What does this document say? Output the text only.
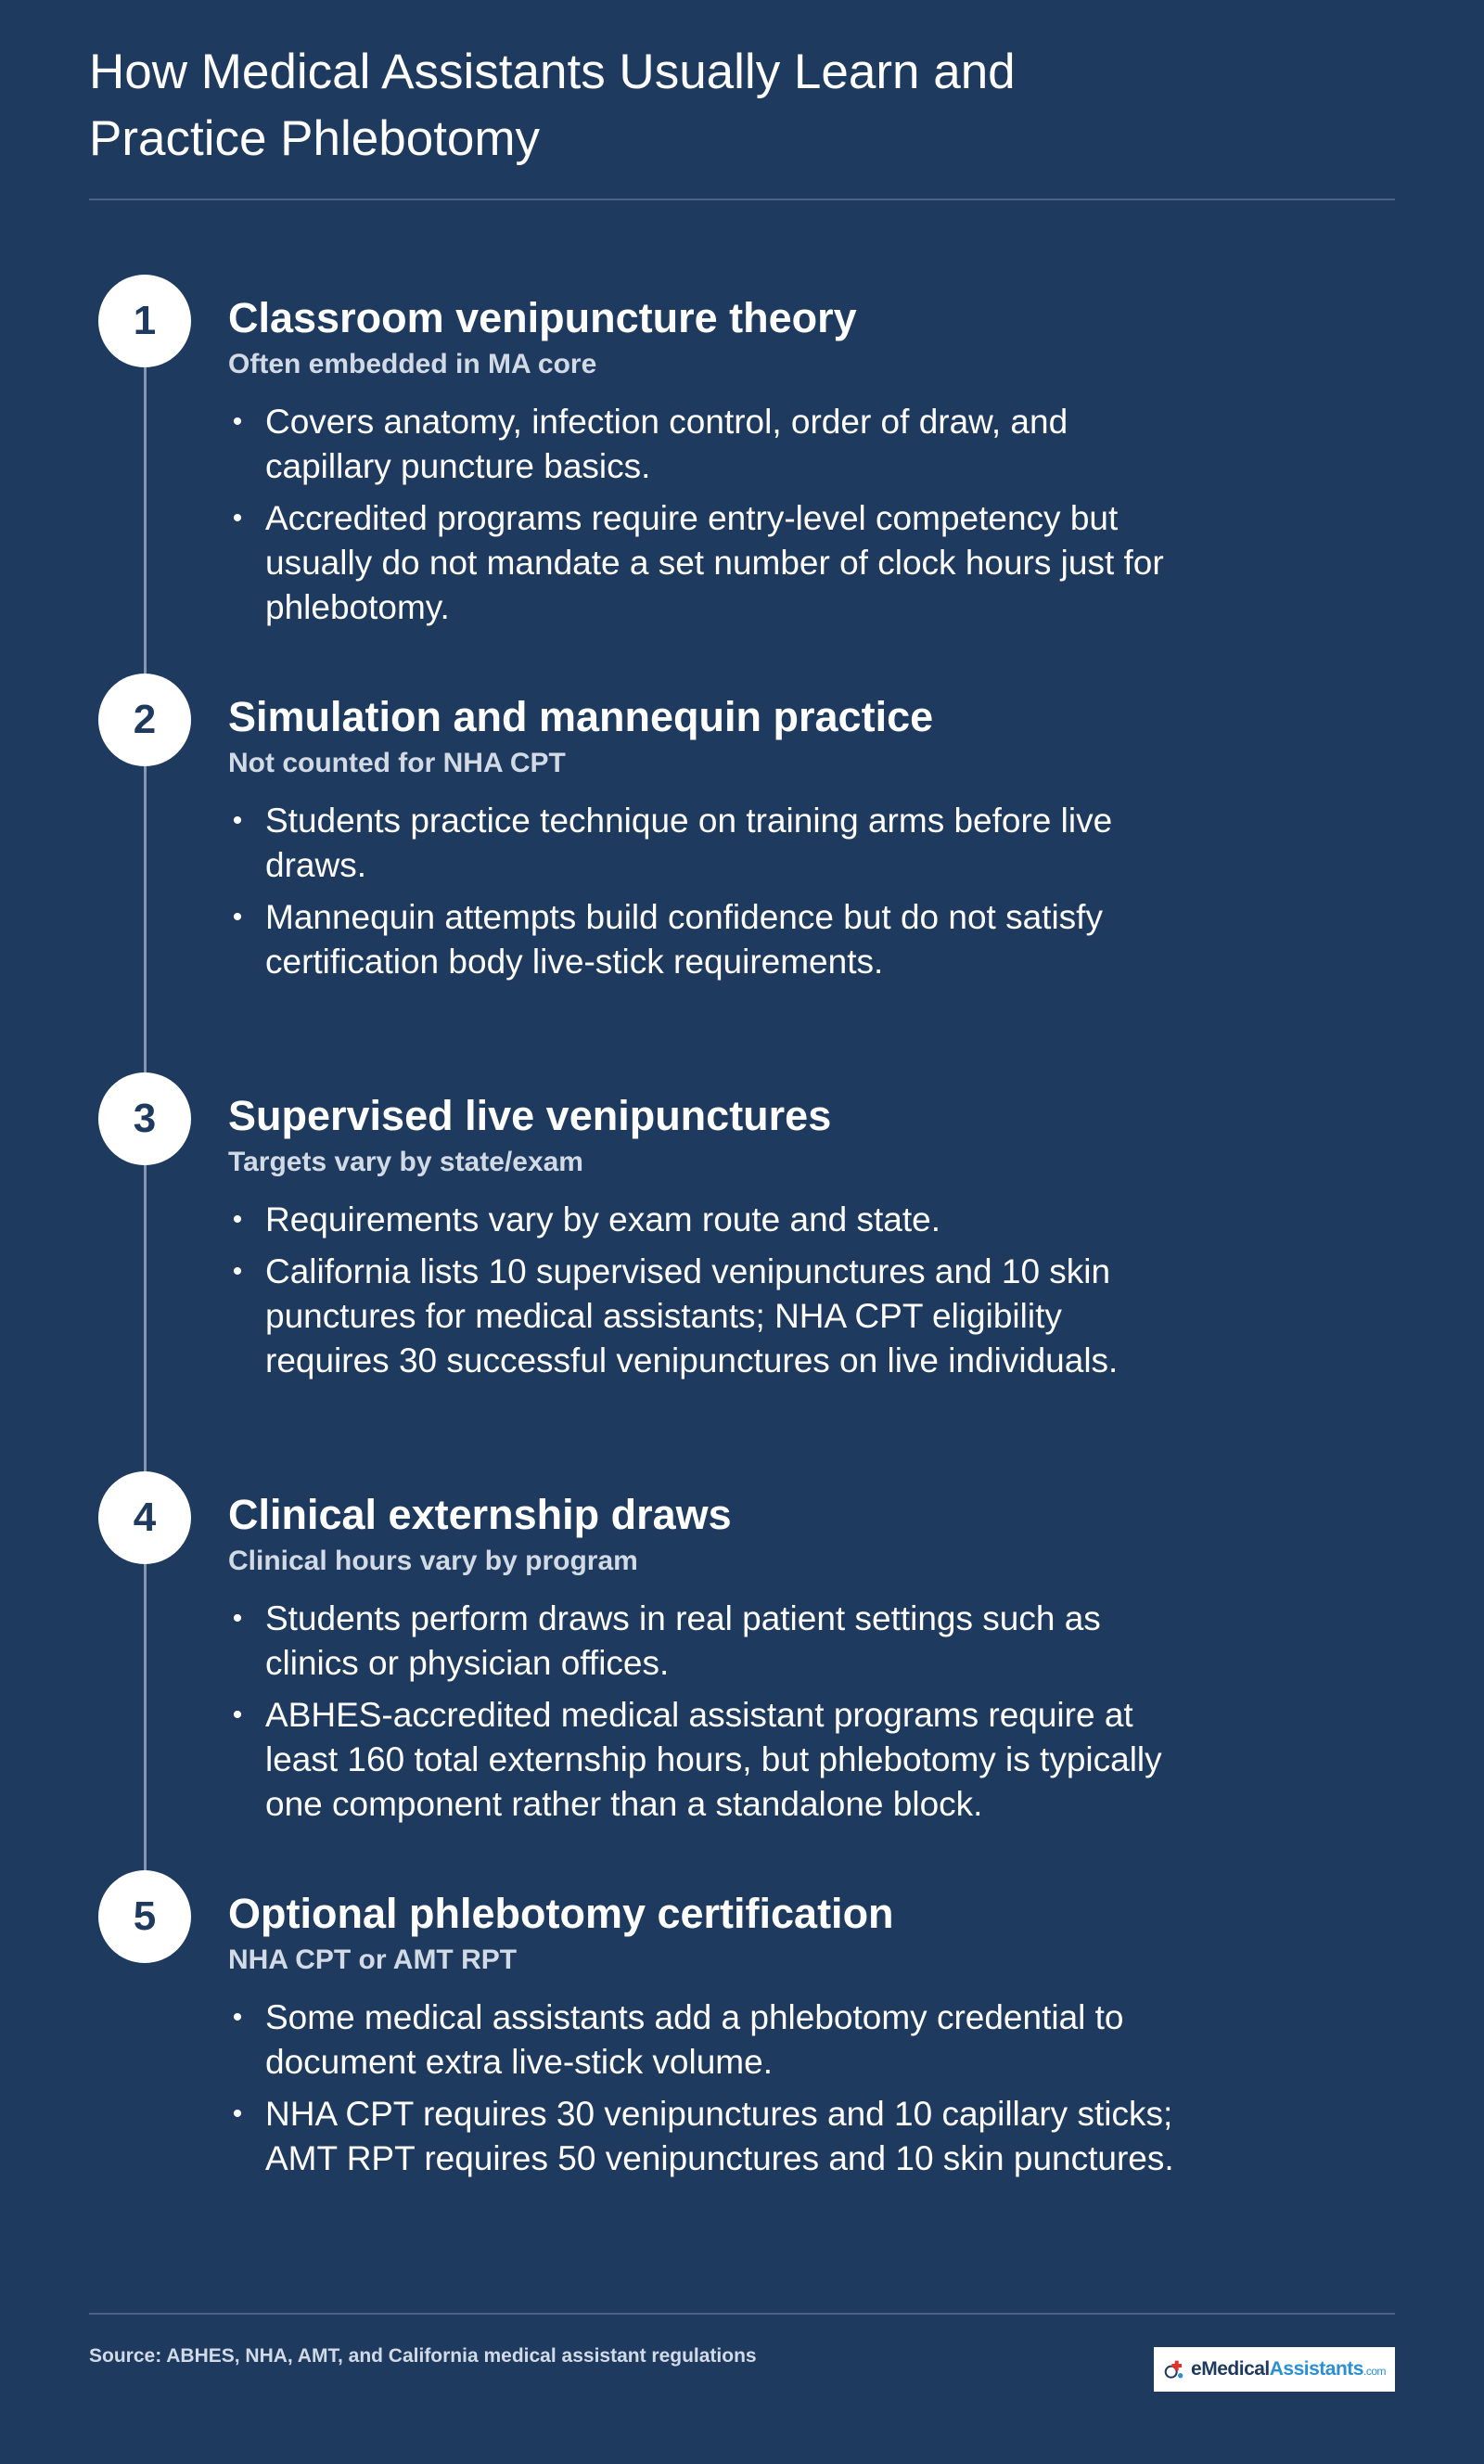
How Medical Assistants Usually Learn and Practice Phlebotomy
1	Classroom venipuncture theory

Often embedded in MA core

• Covers anatomy, infection control, order of draw, and capillary puncture basics.
• Accredited programs require entry-level competency but usually do not mandate a set number of clock hours just for phlebotomy.
2	Simulation and mannequin practice

Not counted for NHA CPT

• Students practice technique on training arms before live draws.
• Mannequin attempts build confidence but do not satisfy certification body live-stick requirements.
3	Supervised live venipunctures

Targets vary by state/exam

• Requirements vary by exam route and state.
• California lists 10 supervised venipunctures and 10 skin punctures for medical assistants; NHA CPT eligibility requires 30 successful venipunctures on live individuals.
4	Clinical externship draws

Clinical hours vary by program

• Students perform draws in real patient settings such as clinics or physician offices.
• ABHES-accredited medical assistant programs require at least 160 total externship hours, but phlebotomy is typically one component rather than a standalone block.
5	Optional phlebotomy certification

NHA CPT or AMT RPT

• Some medical assistants add a phlebotomy credential to document extra live-stick volume.
• NHA CPT requires 30 venipunctures and 10 capillary sticks; AMT RPT requires 50 venipunctures and 10 skin punctures.
Source: ABHES, NHA, AMT, and California medical assistant regulations
eMedicalAssistants.com
